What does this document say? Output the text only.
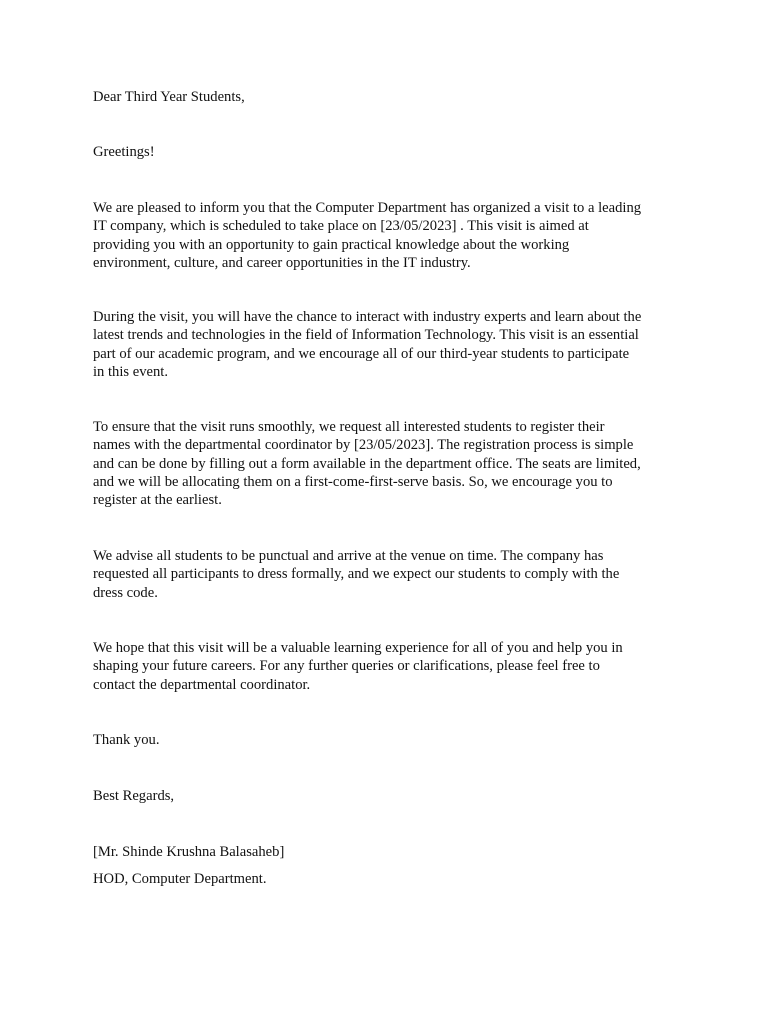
Dear Third Year Students,

Greetings!

We are pleased to inform you that the Computer Department has organized a visit to a leading
IT company, which is scheduled to take place on [23/05/2023] . This visit is aimed at
providing you with an opportunity to gain practical knowledge about the working
environment, culture, and career opportunities in the IT industry.

During the visit, you will have the chance to interact with industry experts and learn about the
latest trends and technologies in the field of Information Technology. This visit is an essential
part of our academic program, and we encourage all of our third-year students to participate
in this event.

To ensure that the visit runs smoothly, we request all interested students to register their
names with the departmental coordinator by [23/05/2023]. The registration process is simple
and can be done by filling out a form available in the department office. The seats are limited,
and we will be allocating them on a first-come-first-serve basis. So, we encourage you to
register at the earliest.

We advise all students to be punctual and arrive at the venue on time. The company has
requested all participants to dress formally, and we expect our students to comply with the
dress code.

We hope that this visit will be a valuable learning experience for all of you and help you in
shaping your future careers. For any further queries or clarifications, please feel free to
contact the departmental coordinator.

Thank you.

Best Regards,

[Mr. Shinde Krushna Balasaheb]

HOD, Computer Department.
